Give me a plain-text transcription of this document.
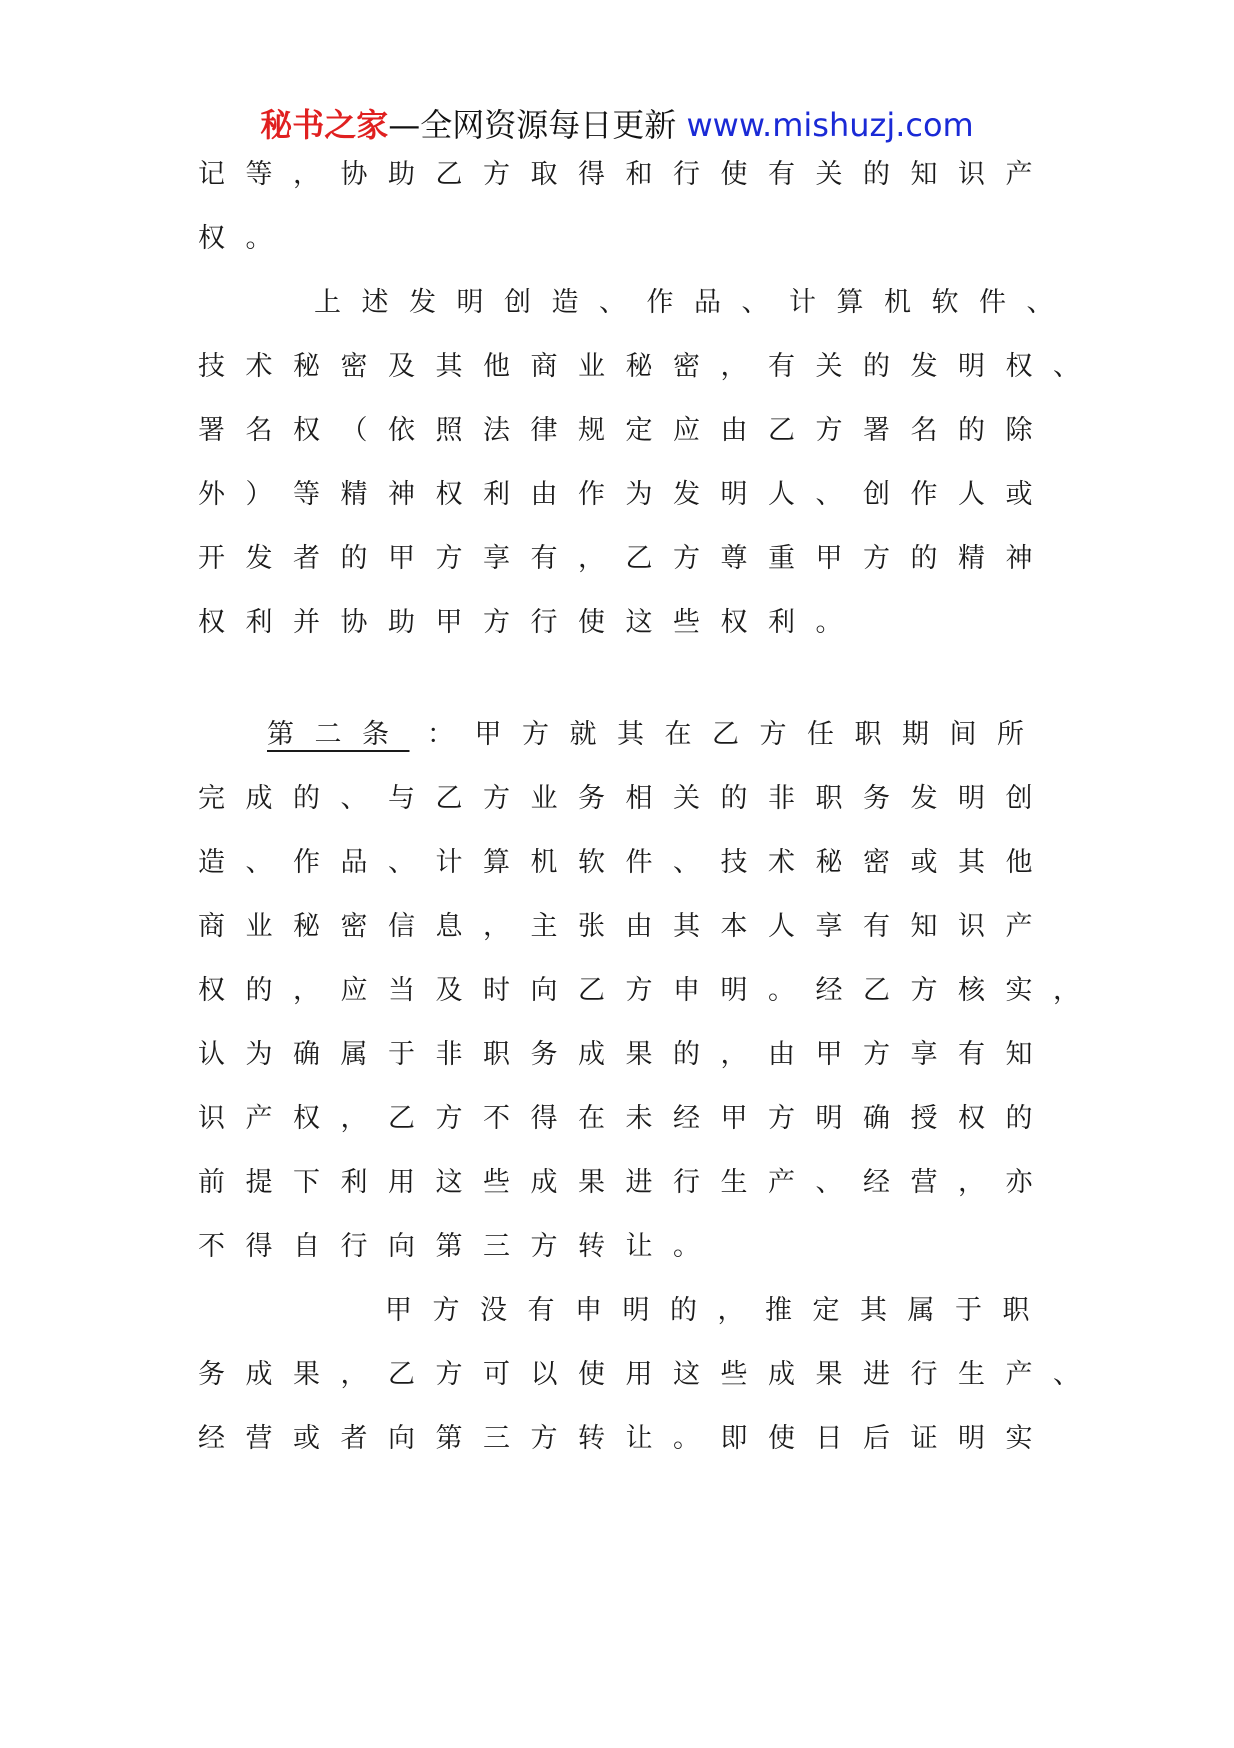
秘书之家—全网资源每日更新 www.mishuzj.com
记等，协助乙方取得和行使有关的知识产
权。
上述发明创造、作品、计算机软件、
技术秘密及其他商业秘密，有关的发明权、
署名权（依照法律规定应由乙方署名的除
外）等精神权利由作为发明人、创作人或
开发者的甲方享有，乙方尊重甲方的精神
权利并协助甲方行使这些权利。
第二条 ：甲方就其在乙方任职期间所
完成的、与乙方业务相关的非职务发明创
造、作品、计算机软件、技术秘密或其他
商业秘密信息，主张由其本人享有知识产
权的，应当及时向乙方申明。经乙方核实，
认为确属于非职务成果的，由甲方享有知
识产权，乙方不得在未经甲方明确授权的
前提下利用这些成果进行生产、经营，亦
不得自行向第三方转让。
甲方没有申明的，推定其属于职
务成果，乙方可以使用这些成果进行生产、
经营或者向第三方转让。即使日后证明实
